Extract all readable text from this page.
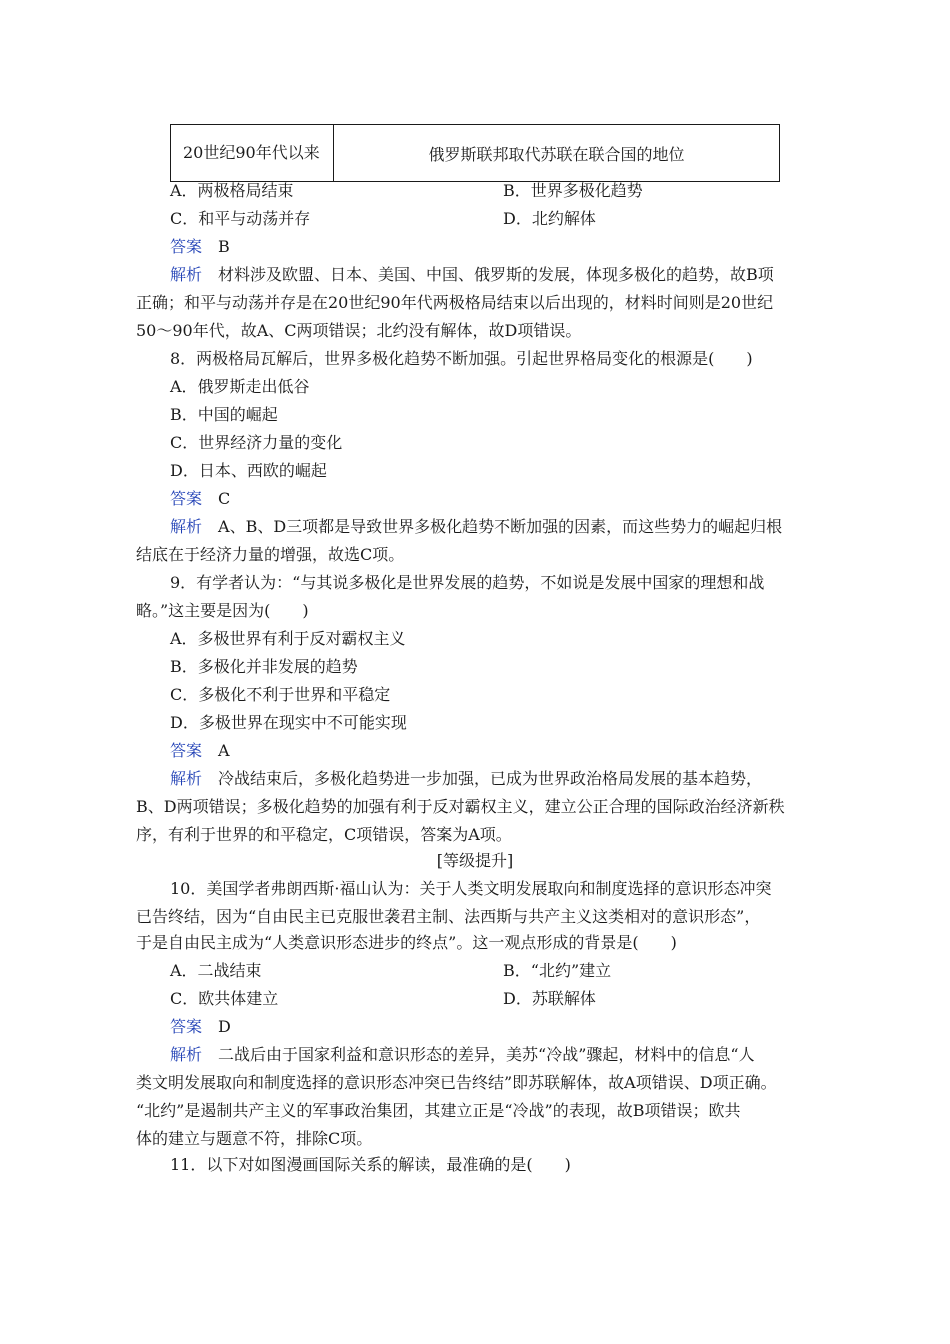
20世纪90年代以来	俄罗斯联邦取代苏联在联合国的地位
A．两极格局结束	B．世界多极化趋势
C．和平与动荡并存	D．北约解体
答案　 B
解析　 材料涉及欧盟、日本、美国、中国、俄罗斯的发展，体现多极化的趋势，故B项
正确；和平与动荡并存是在20世纪90年代两极格局结束以后出现的，材料时间则是20世纪
50～90年代，故A、C两项错误；北约没有解体，故D项错误。
8．两极格局瓦解后，世界多极化趋势不断加强。引起世界格局变化的根源是(　　)
A．俄罗斯走出低谷
B．中国的崛起
C．世界经济力量的变化
D．日本、西欧的崛起
答案　 C
解析　 A、B、D三项都是导致世界多极化趋势不断加强的因素，而这些势力的崛起归根
结底在于经济力量的增强，故选C项。
9．有学者认为：“与其说多极化是世界发展的趋势，不如说是发展中国家的理想和战
略。”这主要是因为(　　)
A．多极世界有利于反对霸权主义
B．多极化并非发展的趋势
C．多极化不利于世界和平稳定
D．多极世界在现实中不可能实现
答案　 A
解析　 冷战结束后，多极化趋势进一步加强，已成为世界政治格局发展的基本趋势，
B、D两项错误；多极化趋势的加强有利于反对霸权主义，建立公正合理的国际政治经济新秩
序，有利于世界的和平稳定，C项错误，答案为A项。
[等级提升]
10．美国学者弗朗西斯·福山认为：关于人类文明发展取向和制度选择的意识形态冲突
已告终结，因为“自由民主已克服世袭君主制、法西斯与共产主义这类相对的意识形态”，
于是自由民主成为“人类意识形态进步的终点”。这一观点形成的背景是(　　)
A．二战结束	B．“北约”建立
C．欧共体建立	D．苏联解体
答案　 D
解析　 二战后由于国家利益和意识形态的差异，美苏“冷战”骤起，材料中的信息“人
类文明发展取向和制度选择的意识形态冲突已告终结”即苏联解体，故A项错误、D项正确。
“北约”是遏制共产主义的军事政治集团，其建立正是“冷战”的表现，故B项错误；欧共
体的建立与题意不符，排除C项。
11．以下对如图漫画国际关系的解读，最准确的是(　　)
